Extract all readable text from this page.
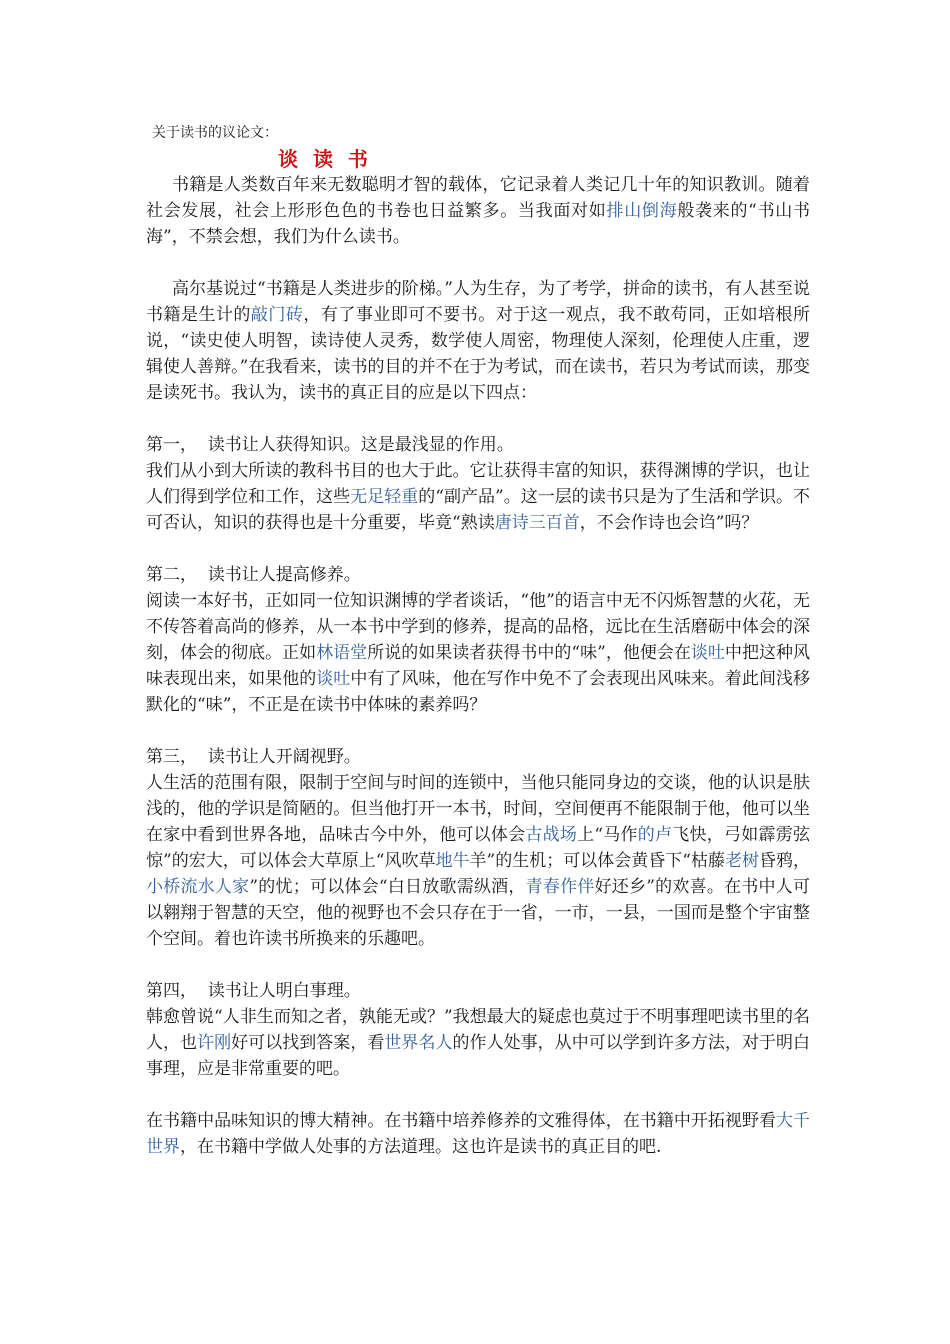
关于读书的议论文：
谈 读 书

书籍是人类数百年来无数聪明才智的载体，它记录着人类记几十年的知识教训。随着社会发展，社会上形形色色的书卷也日益繁多。当我面对如排山倒海般袭来的“书山书海”，不禁会想，我们为什么读书。

高尔基说过“书籍是人类进步的阶梯。”人为生存，为了考学，拼命的读书，有人甚至说书籍是生计的敲门砖，有了事业即可不要书。对于这一观点，我不敢苟同，正如培根所说，“读史使人明智，读诗使人灵秀，数学使人周密，物理使人深刻，伦理使人庄重，逻辑使人善辩。”在我看来，读书的目的并不在于为考试，而在读书，若只为考试而读，那变是读死书。我认为，读书的真正目的应是以下四点：

第一，  读书让人获得知识。这是最浅显的作用。

我们从小到大所读的教科书目的也大于此。它让获得丰富的知识，获得渊博的学识，也让人们得到学位和工作，这些无足轻重的“副产品”。这一层的读书只是为了生活和学识。不可否认，知识的获得也是十分重要，毕竟“熟读唐诗三百首，不会作诗也会诌”吗？

第二，  读书让人提高修养。

阅读一本好书，正如同一位知识渊博的学者谈话，“他”的语言中无不闪烁智慧的火花，无不传答着高尚的修养，从一本书中学到的修养，提高的品格，远比在生活磨砺中体会的深刻，体会的彻底。正如林语堂所说的如果读者获得书中的“味”，他便会在谈吐中把这种风味表现出来，如果他的谈吐中有了风味，他在写作中免不了会表现出风味来。着此间浅移默化的“味”，不正是在读书中体味的素养吗？

第三，  读书让人开阔视野。

人生活的范围有限，限制于空间与时间的连锁中，当他只能同身边的交谈，他的认识是肤浅的，他的学识是简陋的。但当他打开一本书，时间，空间便再不能限制于他，他可以坐在家中看到世界各地，品味古今中外，他可以体会古战场上“马作的卢飞快，弓如霹雳弦惊”的宏大，可以体会大草原上“风吹草地牛羊”的生机；可以体会黄昏下“枯藤老树昏鸦，小桥流水人家”的忧；可以体会“白日放歌需纵酒，青春作伴好还乡”的欢喜。在书中人可以翱翔于智慧的天空，他的视野也不会只存在于一省，一市，一县，一国而是整个宇宙整个空间。着也许读书所换来的乐趣吧。

第四，  读书让人明白事理。

韩愈曾说“人非生而知之者，孰能无或？”我想最大的疑虑也莫过于不明事理吧读书里的名人，也许刚好可以找到答案，看世界名人的作人处事，从中可以学到许多方法，对于明白事理，应是非常重要的吧。

在书籍中品味知识的博大精神。在书籍中培养修养的文雅得体，在书籍中开拓视野看大千世界，在书籍中学做人处事的方法道理。这也许是读书的真正目的吧.
